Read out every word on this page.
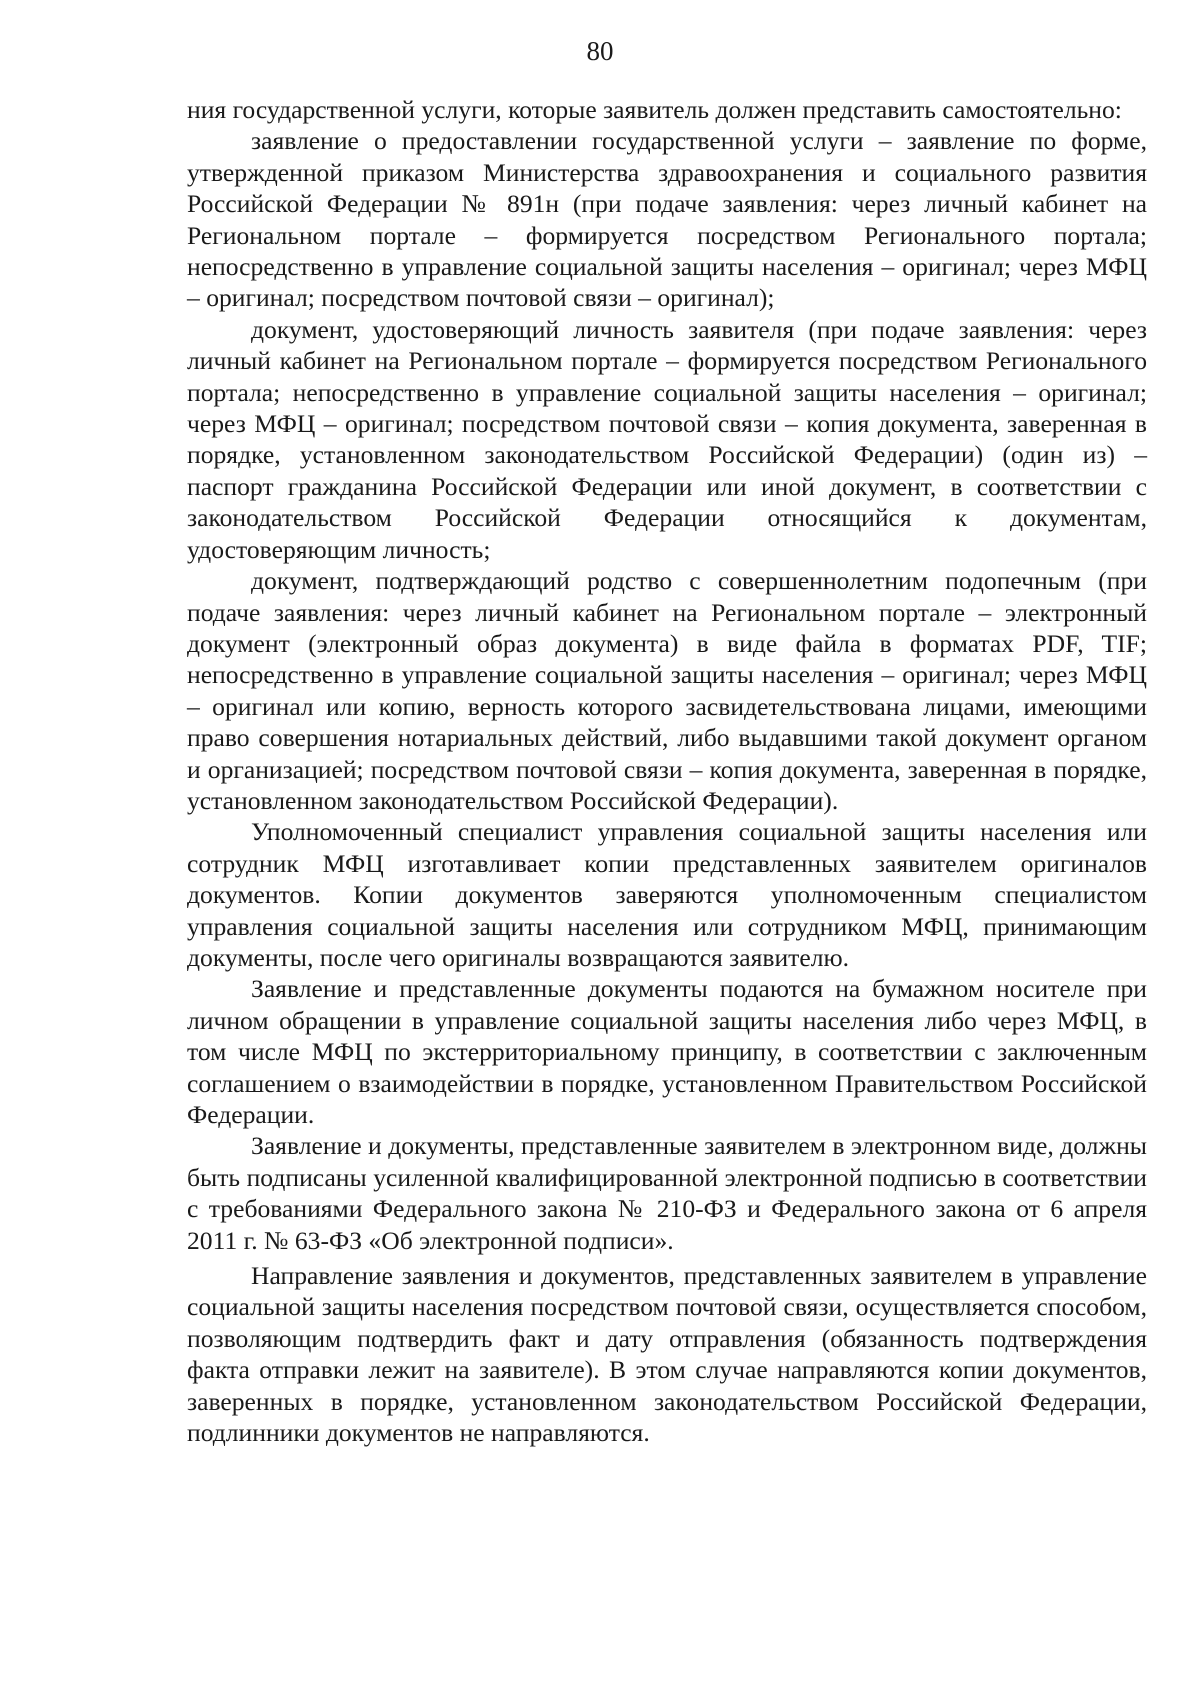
80

ния государственной услуги, которые заявитель должен представить самостоятельно:

заявление о предоставлении государственной услуги – заявление по форме, утвержденной приказом Министерства здравоохранения и социального развития Российской Федерации № 891н (при подаче заявления: через личный кабинет на Региональном портале – формируется посредством Регионального портала; непосредственно в управление социальной защиты населения – оригинал; через МФЦ – оригинал; посредством почтовой связи – оригинал);

документ, удостоверяющий личность заявителя (при подаче заявления: через личный кабинет на Региональном портале – формируется посредством Регионального портала; непосредственно в управление социальной защиты населения – оригинал; через МФЦ – оригинал; посредством почтовой связи – копия документа, заверенная в порядке, установленном законодательством Российской Федерации) (один из) – паспорт гражданина Российской Федерации или иной документ, в соответствии с законодательством Российской Федерации относящийся к документам, удостоверяющим личность;

документ, подтверждающий родство с совершеннолетним подопечным (при подаче заявления: через личный кабинет на Региональном портале – электронный документ (электронный образ документа) в виде файла в форматах PDF, TIF; непосредственно в управление социальной защиты населения – оригинал; через МФЦ – оригинал или копию, верность которого засвидетельствована лицами, имеющими право совершения нотариальных действий, либо выдавшими такой документ органом и организацией; посредством почтовой связи – копия документа, заверенная в порядке, установленном законодательством Российской Федерации).

Уполномоченный специалист управления социальной защиты населения или сотрудник МФЦ изготавливает копии представленных заявителем оригиналов документов. Копии документов заверяются уполномоченным специалистом управления социальной защиты населения или сотрудником МФЦ, принимающим документы, после чего оригиналы возвращаются заявителю.

Заявление и представленные документы подаются на бумажном носителе при личном обращении в управление социальной защиты населения либо через МФЦ, в том числе МФЦ по экстерриториальному принципу, в соответствии с заключенным соглашением о взаимодействии в порядке, установленном Правительством Российской Федерации.

Заявление и документы, представленные заявителем в электронном виде, должны быть подписаны усиленной квалифицированной электронной подписью в соответствии с требованиями Федерального закона № 210-ФЗ и Федерального закона от 6 апреля 2011 г. № 63-ФЗ «Об электронной подписи».

Направление заявления и документов, представленных заявителем в управление социальной защиты населения посредством почтовой связи, осуществляется способом, позволяющим подтвердить факт и дату отправления (обязанность подтверждения факта отправки лежит на заявителе). В этом случае направляются копии документов, заверенных в порядке, установленном законодательством Российской Федерации, подлинники документов не направляются.
